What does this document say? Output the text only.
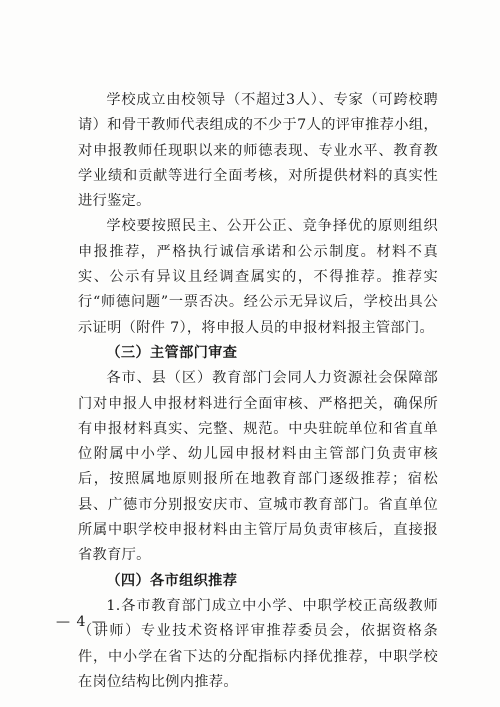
学校成立由校领导（不超过3人）、专家（可跨校聘请）和骨干教师代表组成的不少于7人的评审推荐小组，对申报教师任现职以来的师德表现、专业水平、教育教学业绩和贡献等进行全面考核，对所提供材料的真实性进行鉴定。

学校要按照民主、公开公正、竞争择优的原则组织申报推荐，严格执行诚信承诺和公示制度。材料不真实、公示有异议且经调查属实的，不得推荐。推荐实行“师德问题”一票否决。经公示无异议后，学校出具公示证明（附件 7），将申报人员的申报材料报主管部门。

（三）主管部门审查

各市、县（区）教育部门会同人力资源社会保障部门对申报人申报材料进行全面审核、严格把关，确保所有申报材料真实、完整、规范。中央驻皖单位和省直单位附属中小学、幼儿园申报材料由主管部门负责审核后，按照属地原则报所在地教育部门逐级推荐；宿松县、广德市分别报安庆市、宣城市教育部门。省直单位所属中职学校申报材料由主管厅局负责审核后，直接报省教育厅。

（四）各市组织推荐

1.各市教育部门成立中小学、中职学校正高级教师（讲师）专业技术资格评审推荐委员会，依据资格条件，中小学在省下达的分配指标内择优推荐，中职学校在岗位结构比例内推荐。

— 4 —
